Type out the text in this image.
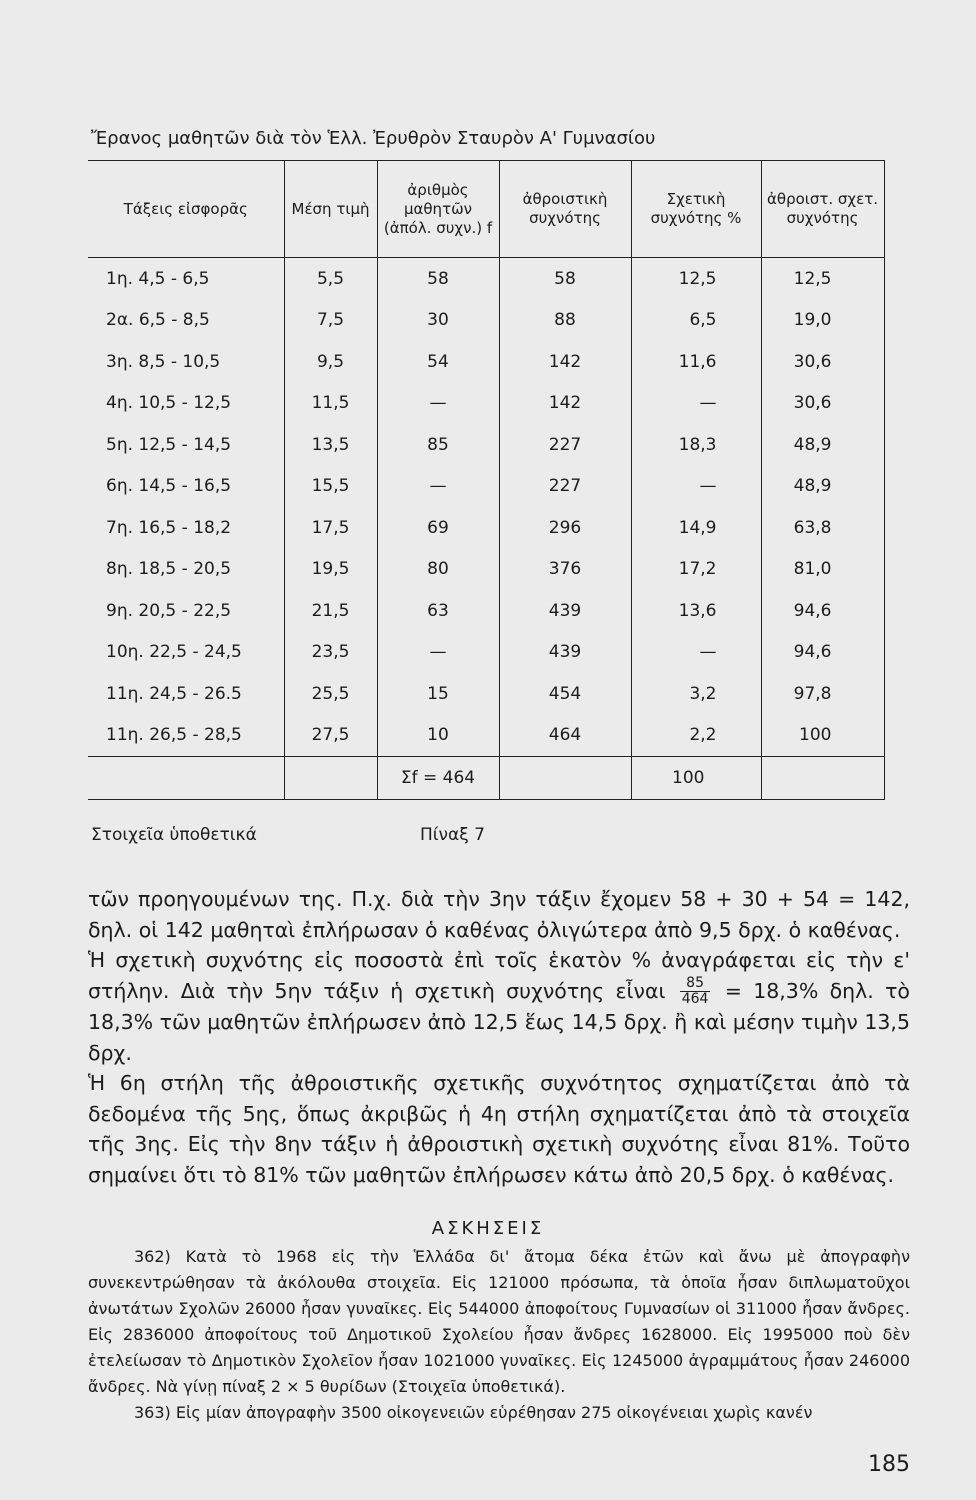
Ἔρανος μαθητῶν διὰ τὸν Ἑλλ. Ἐρυθρὸν Σταυρὸν Α' Γυμνασίου
Τάξεις εἰσφορᾶς	Μέση τιμὴ	ἀριθμὸς μαθητῶν (ἀπόλ. συχν.) f	ἀθροιστικὴ συχνότης	Σχετικὴ συχνότης %	ἀθροιστ. σχετ. συχνότης
1η. 4,5 - 6,5	5,5	58	58	12,5	12,5
2α. 6,5 - 8,5	7,5	30	88	6,5	19,0
3η. 8,5 - 10,5	9,5	54	142	11,6	30,6
4η. 10,5 - 12,5	11,5	—	142	—	30,6
5η. 12,5 - 14,5	13,5	85	227	18,3	48,9
6η. 14,5 - 16,5	15,5	—	227	—	48,9
7η. 16,5 - 18,2	17,5	69	296	14,9	63,8
8η. 18,5 - 20,5	19,5	80	376	17,2	81,0
9η. 20,5 - 22,5	21,5	63	439	13,6	94,6
10η. 22,5 - 24,5	23,5	—	439	—	94,6
11η. 24,5 - 26.5	25,5	15	454	3,2	97,8
11η. 26,5 - 28,5	27,5	10	464	2,2	100
		Σf = 464		100	
Στοιχεῖα ὑποθετικά	Πίναξ 7

τῶν προηγουμένων της. Π.χ. διὰ τὴν 3ην τάξιν ἔχομεν 58 + 30 + 54 = 142, δηλ. οἱ 142 μαθηταὶ ἐπλήρωσαν ὁ καθένας ὀλιγώτερα ἀπὸ 9,5 δρχ. ὁ καθένας.

Ἡ σχετικὴ συχνότης εἰς ποσοστὰ ἐπὶ τοῖς ἑκατὸν % ἀναγράφεται εἰς τὴν ε' στήλην. Διὰ τὴν 5ην τάξιν ἡ σχετικὴ συχνότης εἶναι $\frac{85}{464} = 18,3\%$ δηλ. τὸ 18,3% τῶν μαθητῶν ἐπλήρωσεν ἀπὸ 12,5 ἕως 14,5 δρχ. ἢ καὶ μέσην τιμὴν 13,5 δρχ.

Ἡ 6η στήλη τῆς ἀθροιστικῆς σχετικῆς συχνότητος σχηματίζεται ἀπὸ τὰ δεδομένα τῆς 5ης, ὅπως ἀκριβῶς ἡ 4η στήλη σχηματίζεται ἀπὸ τὰ στοιχεῖα τῆς 3ης. Εἰς τὴν 8ην τάξιν ἡ ἀθροιστικὴ σχετικὴ συχνότης εἶναι 81%. Τοῦτο σημαίνει ὅτι τὸ 81% τῶν μαθητῶν ἐπλήρωσεν κάτω ἀπὸ 20,5 δρχ. ὁ καθένας.

ΑΣΚΗΣΕΙΣ

362) Κατὰ τὸ 1968 εἰς τὴν Ἑλλάδα δι' ἄτομα δέκα ἐτῶν καὶ ἄνω μὲ ἀπογραφὴν συνεκεντρώθησαν τὰ ἀκόλουθα στοιχεῖα. Εἰς 121000 πρόσωπα, τὰ ὁποῖα ἦσαν διπλωματοῦχοι ἀνωτάτων Σχολῶν 26000 ἦσαν γυναῖκες. Εἰς 544000 ἀποφοίτους Γυμνασίων οἱ 311000 ἦσαν ἄνδρες. Εἰς 2836000 ἀποφοίτους τοῦ Δημοτικοῦ Σχολείου ἦσαν ἄνδρες 1628000. Εἰς 1995000 ποὺ δὲν ἐτελείωσαν τὸ Δημοτικὸν Σχολεῖον ἦσαν 1021000 γυναῖκες. Εἰς 1245000 ἀγραμμάτους ἦσαν 246000 ἄνδρες. Νὰ γίνῃ πίναξ 2 × 5 θυρίδων (Στοιχεῖα ὑποθετικά).

363) Εἰς μίαν ἀπογραφὴν 3500 οἰκογενειῶν εὑρέθησαν 275 οἰκογένειαι χωρὶς κανέν

185
